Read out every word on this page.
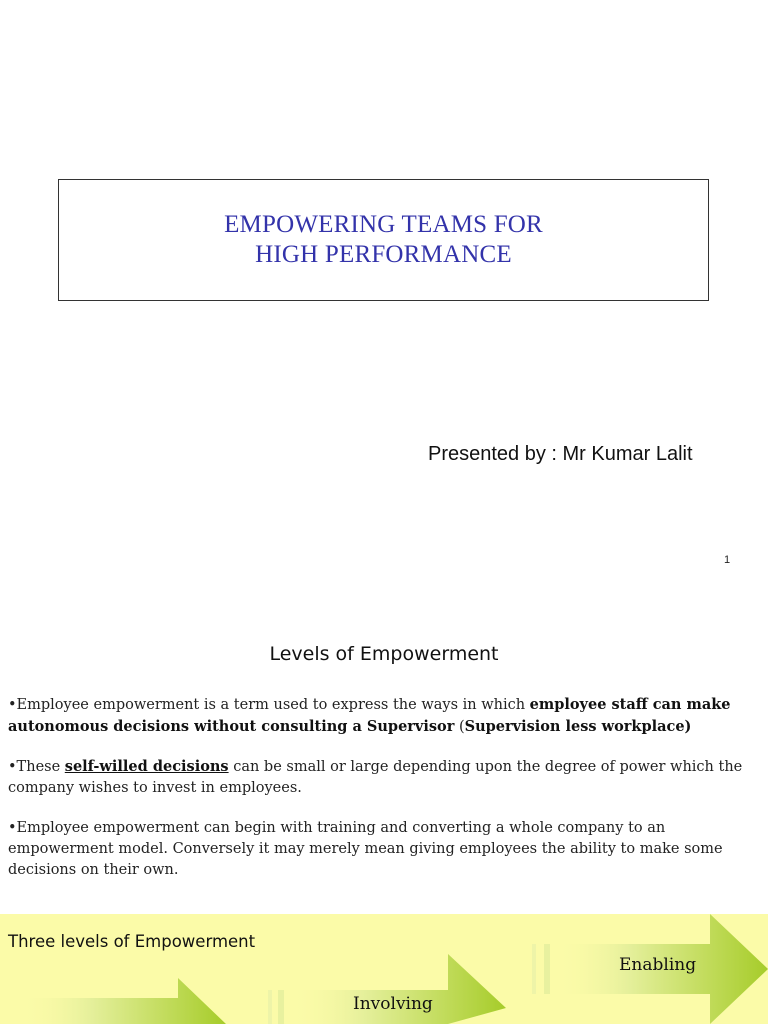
EMPOWERING TEAMS FOR
HIGH PERFORMANCE
Presented by : Mr Kumar Lalit
1
Levels of Empowerment
•Employee empowerment is a term used to express the ways in which employee staff can make autonomous decisions without consulting a Supervisor (Supervision less workplace)
•These self-willed decisions can be small or large depending upon the degree of power which the company wishes to invest in employees.
•Employee empowerment can begin with training and converting a whole company to an empowerment model. Conversely it may merely mean giving employees the ability to make some decisions on their own.
Three levels of Empowerment
Enabling
Involving
